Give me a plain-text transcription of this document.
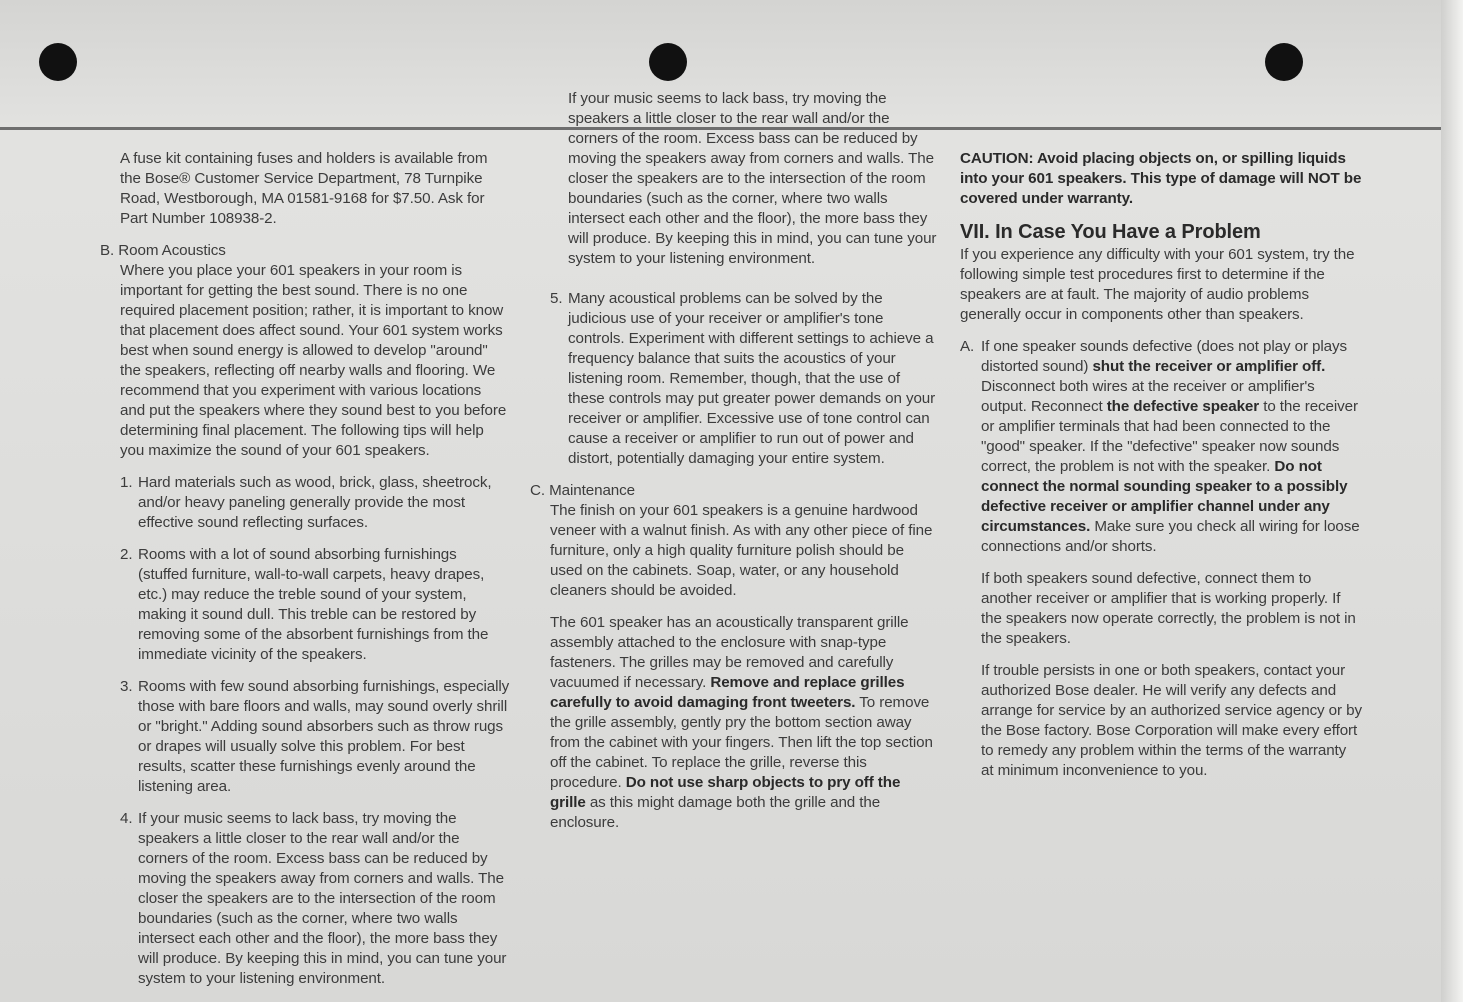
A fuse kit containing fuses and holders is available from the Bose® Customer Service Department, 78 Turnpike Road, Westborough, MA 01581-9168 for $7.50. Ask for Part Number 108938-2.

B. Room Acoustics

Where you place your 601 speakers in your room is important for getting the best sound. There is no one required placement position; rather, it is important to know that placement does affect sound. Your 601 system works best when sound energy is allowed to develop "around" the speakers, reflecting off nearby walls and flooring. We recommend that you experiment with various locations and put the speakers where they sound best to you before determining final placement. The following tips will help you maximize the sound of your 601 speakers.

1. Hard materials such as wood, brick, glass, sheetrock, and/or heavy paneling generally provide the most effective sound reflecting surfaces.

2. Rooms with a lot of sound absorbing furnishings (stuffed furniture, wall-to-wall carpets, heavy drapes, etc.) may reduce the treble sound of your system, making it sound dull. This treble can be restored by removing some of the absorbent furnishings from the immediate vicinity of the speakers.

3. Rooms with few sound absorbing furnishings, especially those with bare floors and walls, may sound overly shrill or "bright." Adding sound absorbers such as throw rugs or drapes will usually solve this problem. For best results, scatter these furnishings evenly around the listening area.

4. If your music seems to lack bass, try moving the speakers a little closer to the rear wall and/or the corners of the room. Excess bass can be reduced by moving the speakers away from corners and walls. The closer the speakers are to the intersection of the room boundaries (such as the corner, where two walls intersect each other and the floor), the more bass they will produce. By keeping this in mind, you can tune your system to your listening environment.

If your music seems to lack bass, try moving the speakers a little closer to the rear wall and/or the corners of the room. Excess bass can be reduced by moving the speakers away from corners and walls. The closer the speakers are to the intersection of the room boundaries (such as the corner, where two walls intersect each other and the floor), the more bass they will produce. By keeping this in mind, you can tune your system to your listening environment.

5. Many acoustical problems can be solved by the judicious use of your receiver or amplifier's tone controls. Experiment with different settings to achieve a frequency balance that suits the acoustics of your listening room. Remember, though, that the use of these controls may put greater power demands on your receiver or amplifier. Excessive use of tone control can cause a receiver or amplifier to run out of power and distort, potentially damaging your entire system.

C. Maintenance

The finish on your 601 speakers is a genuine hardwood veneer with a walnut finish. As with any other piece of fine furniture, only a high quality furniture polish should be used on the cabinets. Soap, water, or any household cleaners should be avoided.

The 601 speaker has an acoustically transparent grille assembly attached to the enclosure with snap-type fasteners. The grilles may be removed and carefully vacuumed if necessary. Remove and replace grilles carefully to avoid damaging front tweeters. To remove the grille assembly, gently pry the bottom section away from the cabinet with your fingers. Then lift the top section off the cabinet. To replace the grille, reverse this procedure. Do not use sharp objects to pry off the grille as this might damage both the grille and the enclosure.

CAUTION: Avoid placing objects on, or spilling liquids into your 601 speakers. This type of damage will NOT be covered under warranty.

VII. In Case You Have a Problem

If you experience any difficulty with your 601 system, try the following simple test procedures first to determine if the speakers are at fault. The majority of audio problems generally occur in components other than speakers.

A. If one speaker sounds defective (does not play or plays distorted sound) shut the receiver or amplifier off. Disconnect both wires at the receiver or amplifier's output. Reconnect the defective speaker to the receiver or amplifier terminals that had been connected to the "good" speaker. If the "defective" speaker now sounds correct, the problem is not with the speaker. Do not connect the normal sounding speaker to a possibly defective receiver or amplifier channel under any circumstances. Make sure you check all wiring for loose connections and/or shorts.

If both speakers sound defective, connect them to another receiver or amplifier that is working properly. If the speakers now operate correctly, the problem is not in the speakers.

If trouble persists in one or both speakers, contact your authorized Bose dealer. He will verify any defects and arrange for service by an authorized service agency or by the Bose factory. Bose Corporation will make every effort to remedy any problem within the terms of the warranty at minimum inconvenience to you.
